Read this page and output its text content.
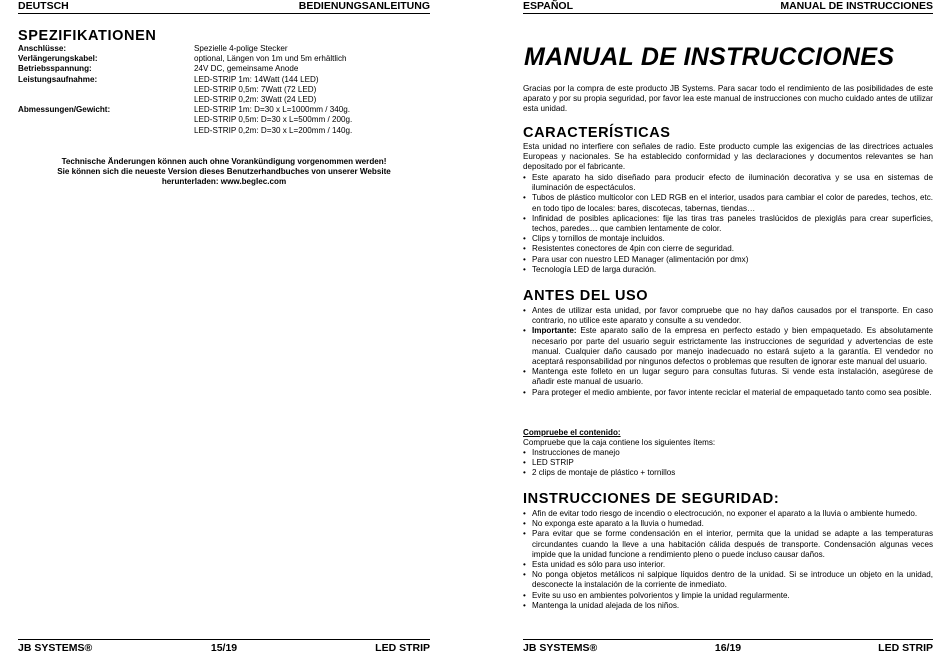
DEUTSCH	BEDIENUNGSANLEITUNG
SPEZIFIKATIONEN
Anschlüsse:	Spezielle 4-polige Stecker
Verlängerungskabel:	optional, Längen von 1m und 5m erhältlich
Betriebsspannung:	24V DC, gemeinsame Anode
Leistungsaufnahme:	LED-STRIP 1m: 14Watt (144 LED)
LED-STRIP 0,5m: 7Watt (72 LED)
LED-STRIP 0,2m: 3Watt (24 LED)
Abmessungen/Gewicht:	LED-STRIP 1m: D=30 x L=1000mm / 340g.
LED-STRIP 0,5m: D=30 x L=500mm / 200g.
LED-STRIP 0,2m: D=30 x L=200mm / 140g.
Technische Änderungen können auch ohne Vorankündigung vorgenommen werden!
Sie können sich die neueste Version dieses Benutzerhandbuches von unserer Website
herunterladen: www.beglec.com
JB SYSTEMS®	15/19	LED STRIP
ESPAÑOL	MANUAL DE INSTRUCCIONES
MANUAL DE INSTRUCCIONES
Gracias por la compra de este producto JB Systems. Para sacar todo el rendimiento de las posibilidades de este aparato y por su propia seguridad, por favor lea este manual de instrucciones con mucho cuidado antes de utilizar esta unidad.
CARACTERÍSTICAS
Esta unidad no interfiere con señales de radio. Este producto cumple las exigencias de las directrices actuales Europeas y nacionales. Se ha establecido conformidad y las declaraciones y documentos relevantes se han depositado por el fabricante.
• Este aparato ha sido diseñado para producir efecto de iluminación decorativa y se usa en sistemas de iluminación de espectáculos.
• Tubos de plástico multicolor con LED RGB en el interior, usados para cambiar el color de paredes, techos, etc. en todo tipo de locales: bares, discotecas, tabernas, tiendas…
• Infinidad de posibles aplicaciones: fije las tiras tras paneles traslúcidos de plexiglás para crear superficies, techos, paredes… que cambien lentamente de color.
• Clips y tornillos de montaje incluidos.
• Resistentes conectores de 4pin con cierre de seguridad.
• Para usar con nuestro LED Manager (alimentación por dmx)
• Tecnología LED de larga duración.
ANTES DEL USO
• Antes de utilizar esta unidad, por favor compruebe que no hay daños causados por el transporte. En caso contrario, no utilice este aparato y consulte a su vendedor.
• Importante: Este aparato salio de la empresa en perfecto estado y bien empaquetado. Es absolutamente necesario por parte del usuario seguir estrictamente las instrucciones de seguridad y advertencias de este manual. Cualquier daño causado por manejo inadecuado no estará sujeto a la garantía. El vendedor no aceptará responsabilidad por ningunos defectos o problemas que resulten de ignorar este manual del usuario.
• Mantenga este folleto en un lugar seguro para consultas futuras. Si vende esta instalación, asegúrese de añadir este manual de usuario.
• Para proteger el medio ambiente, por favor intente reciclar el material de empaquetado tanto como sea posible.
Compruebe el contenido:
Compruebe que la caja contiene los siguientes ítems:
• Instrucciones de manejo
• LED STRIP
• 2 clips de montaje de plástico + tornillos
INSTRUCCIONES DE SEGURIDAD:
• Afin de evitar todo riesgo de incendio o electrocución, no exponer el aparato a la lluvia o ambiente humedo.
• No exponga este aparato a la lluvia o humedad.
• Para evitar que se forme condensación en el interior, permita que la unidad se adapte a las temperaturas circundantes cuando la lleve a una habitación cálida después de transporte. Condensación algunas veces impide que la unidad funcione a rendimiento pleno o puede incluso causar daños.
• Esta unidad es sólo para uso interior.
• No ponga objetos metálicos ni salpique líquidos dentro de la unidad. Si se introduce un objeto en la unidad, desconecte la instalación de la corriente de inmediato.
• Evite su uso en ambientes polvorientos y limpie la unidad regularmente.
• Mantenga la unidad alejada de los niños.
JB SYSTEMS®	16/19	LED STRIP
